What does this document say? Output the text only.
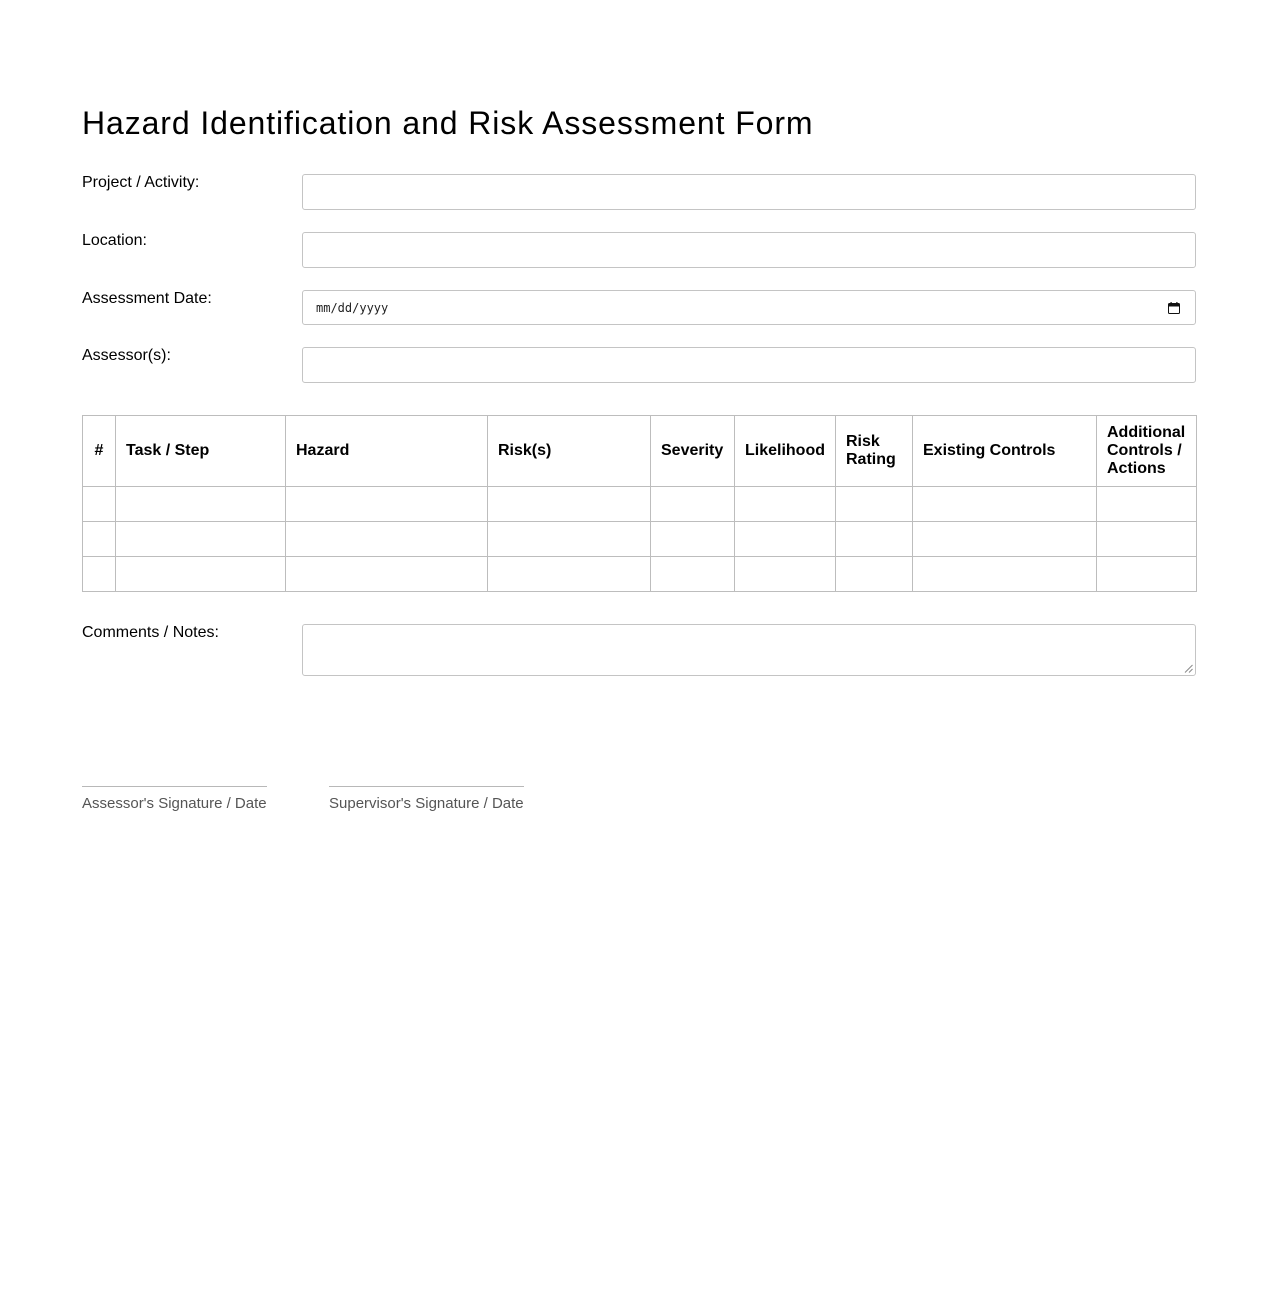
Hazard Identification and Risk Assessment Form
Project / Activity:
Location:
Assessment Date:
mm/dd/yyyy
Assessor(s):
#	Task / Step	Hazard	Risk(s)	Severity	Likelihood	Risk Rating	Existing Controls	Additional Controls / Actions

Comments / Notes:
Assessor's Signature / Date	Supervisor's Signature / Date
